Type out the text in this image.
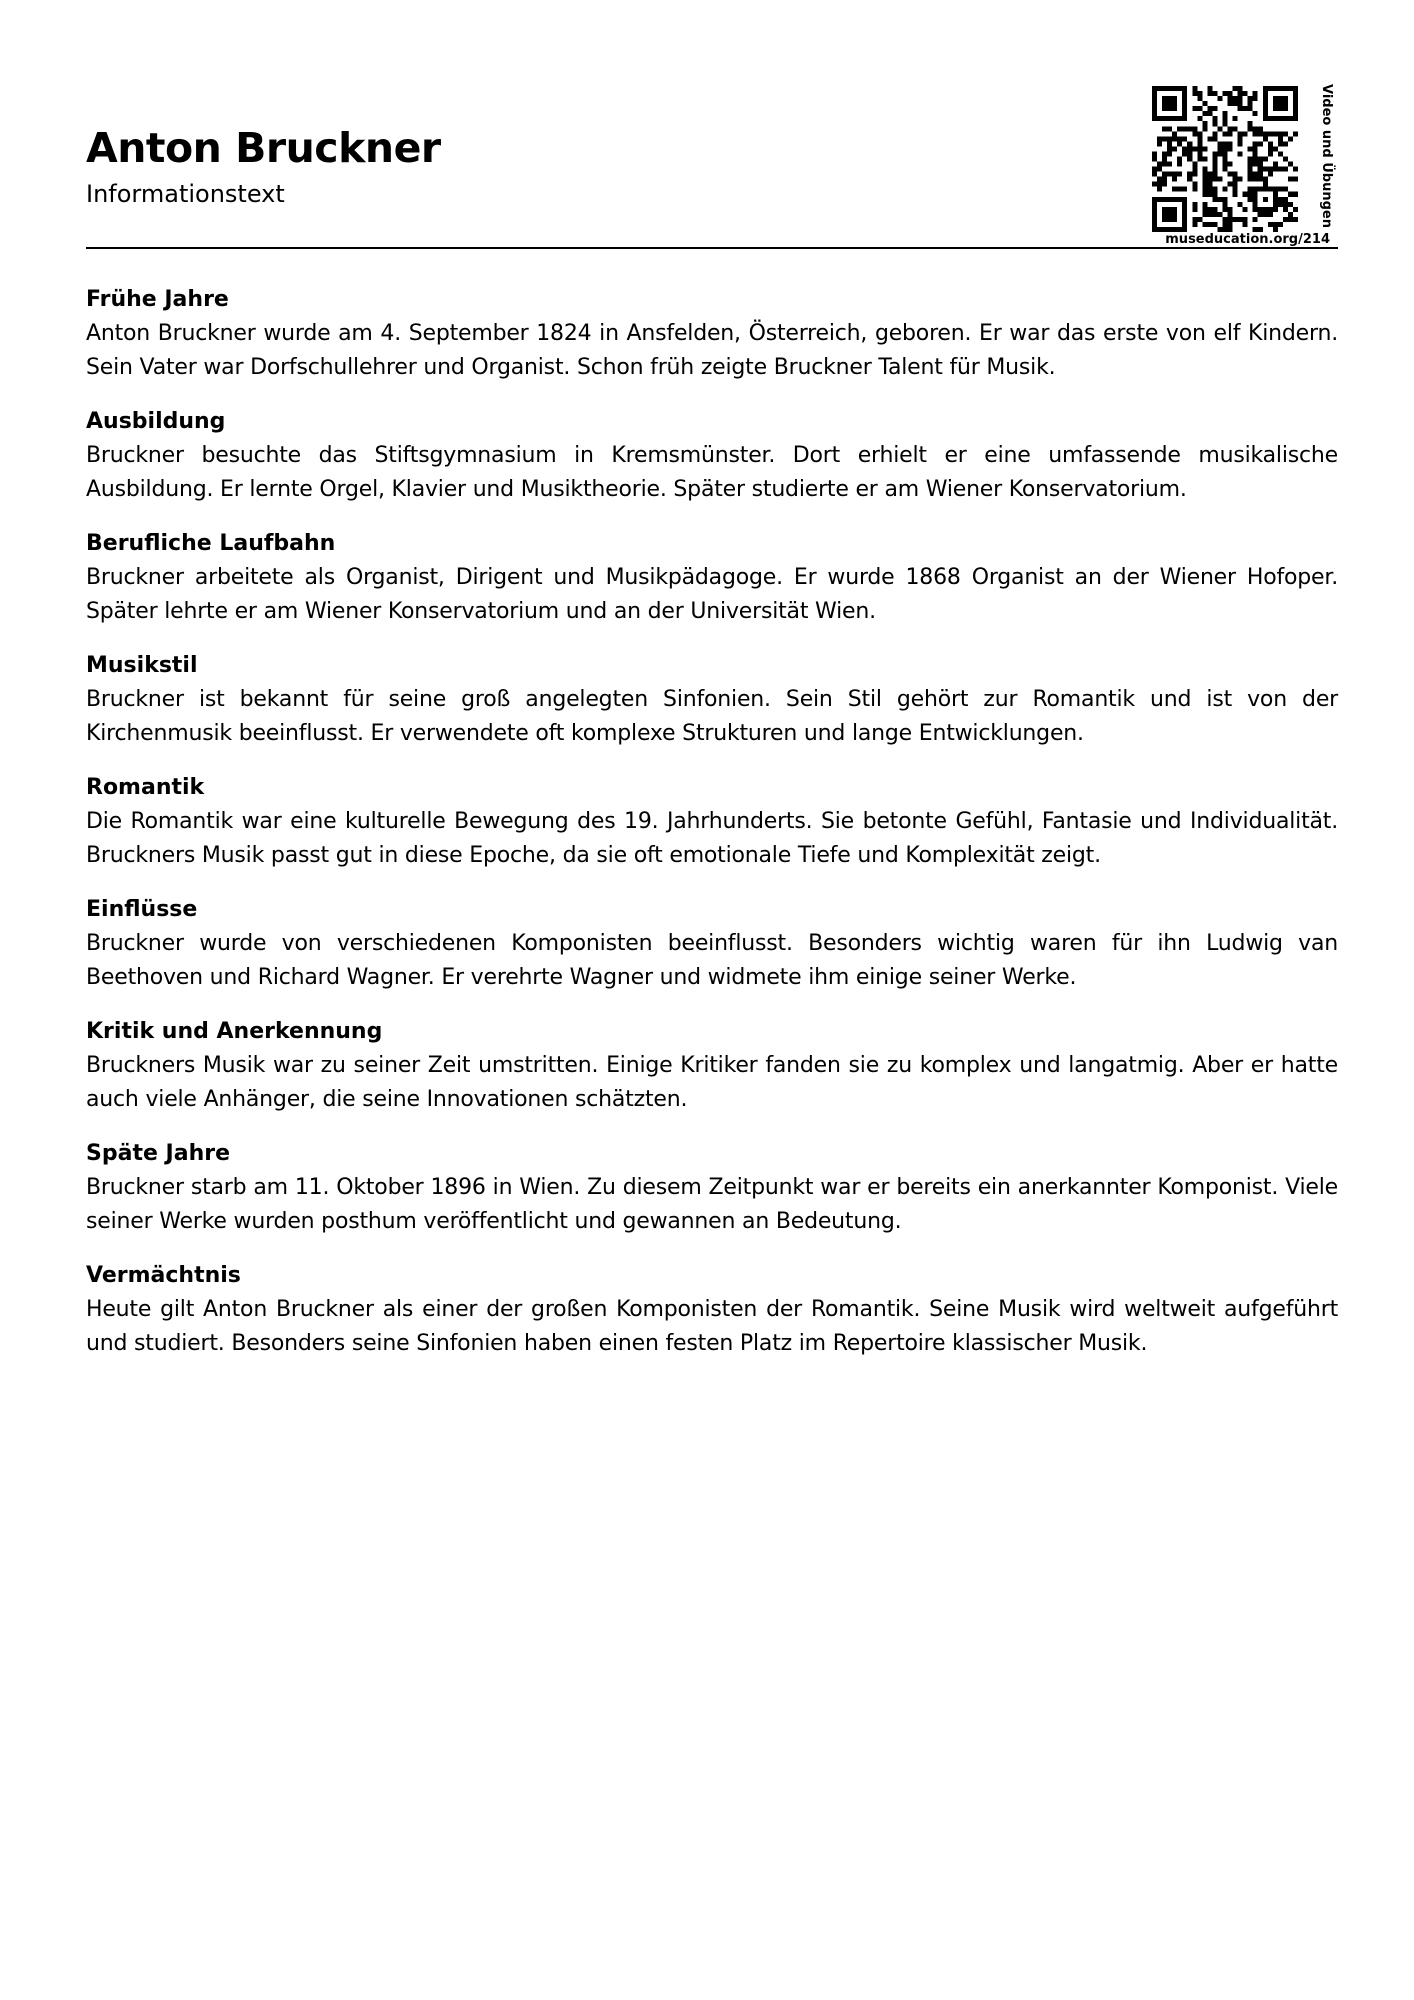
Anton Bruckner
Informationstext	Video und Übungen
museducation.org/214
Frühe Jahre

Anton Bruckner wurde am 4. September 1824 in Ansfelden, Österreich, geboren. Er war das erste von elf Kindern. Sein Vater war Dorfschullehrer und Organist. Schon früh zeigte Bruckner Talent für Musik.

Ausbildung

Bruckner besuchte das Stiftsgymnasium in Kremsmünster. Dort erhielt er eine umfassende musikalische Ausbildung. Er lernte Orgel, Klavier und Musiktheorie. Später studierte er am Wiener Konservatorium.

Berufliche Laufbahn

Bruckner arbeitete als Organist, Dirigent und Musikpädagoge. Er wurde 1868 Organist an der Wiener Hofoper. Später lehrte er am Wiener Konservatorium und an der Universität Wien.

Musikstil

Bruckner ist bekannt für seine groß angelegten Sinfonien. Sein Stil gehört zur Romantik und ist von der Kirchenmusik beeinflusst. Er verwendete oft komplexe Strukturen und lange Entwicklungen.

Romantik

Die Romantik war eine kulturelle Bewegung des 19. Jahrhunderts. Sie betonte Gefühl, Fantasie und Individualität. Bruckners Musik passt gut in diese Epoche, da sie oft emotionale Tiefe und Komplexität zeigt.

Einflüsse

Bruckner wurde von verschiedenen Komponisten beeinflusst. Besonders wichtig waren für ihn Ludwig van Beethoven und Richard Wagner. Er verehrte Wagner und widmete ihm einige seiner Werke.

Kritik und Anerkennung

Bruckners Musik war zu seiner Zeit umstritten. Einige Kritiker fanden sie zu komplex und langatmig. Aber er hatte auch viele Anhänger, die seine Innovationen schätzten.

Späte Jahre

Bruckner starb am 11. Oktober 1896 in Wien. Zu diesem Zeitpunkt war er bereits ein anerkannter Komponist. Viele seiner Werke wurden posthum veröffentlicht und gewannen an Bedeutung.

Vermächtnis

Heute gilt Anton Bruckner als einer der großen Komponisten der Romantik. Seine Musik wird weltweit aufgeführt und studiert. Besonders seine Sinfonien haben einen festen Platz im Repertoire klassischer Musik.
